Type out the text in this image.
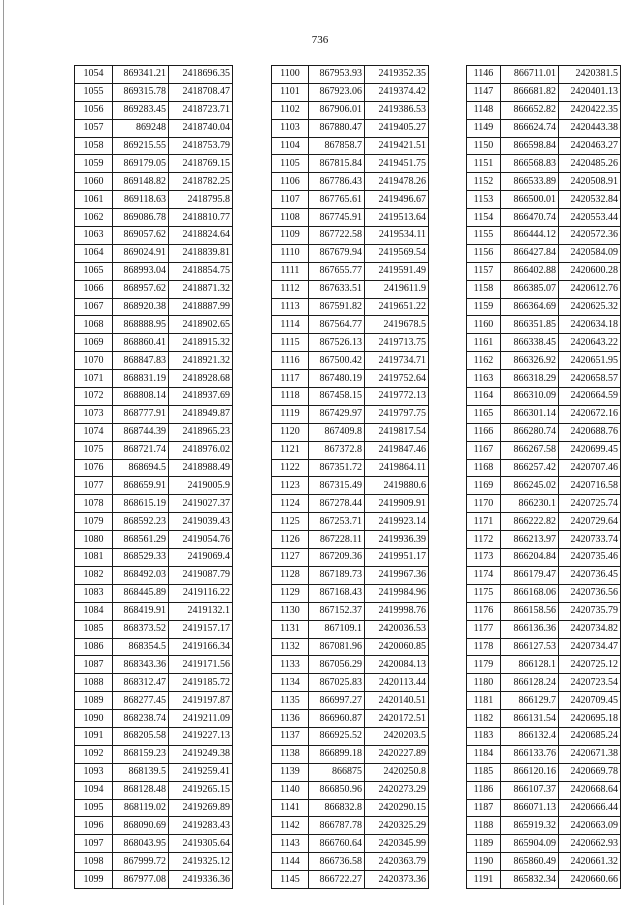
736
1054	869341.21	2418696.35
1055	869315.78	2418708.47
1056	869283.45	2418723.71
1057	869248	2418740.04
1058	869215.55	2418753.79
1059	869179.05	2418769.15
1060	869148.82	2418782.25
1061	869118.63	2418795.8
1062	869086.78	2418810.77
1063	869057.62	2418824.64
1064	869024.91	2418839.81
1065	868993.04	2418854.75
1066	868957.62	2418871.32
1067	868920.38	2418887.99
1068	868888.95	2418902.65
1069	868860.41	2418915.32
1070	868847.83	2418921.32
1071	868831.19	2418928.68
1072	868808.14	2418937.69
1073	868777.91	2418949.87
1074	868744.39	2418965.23
1075	868721.74	2418976.02
1076	868694.5	2418988.49
1077	868659.91	2419005.9
1078	868615.19	2419027.37
1079	868592.23	2419039.43
1080	868561.29	2419054.76
1081	868529.33	2419069.4
1082	868492.03	2419087.79
1083	868445.89	2419116.22
1084	868419.91	2419132.1
1085	868373.52	2419157.17
1086	868354.5	2419166.34
1087	868343.36	2419171.56
1088	868312.47	2419185.72
1089	868277.45	2419197.87
1090	868238.74	2419211.09
1091	868205.58	2419227.13
1092	868159.23	2419249.38
1093	868139.5	2419259.41
1094	868128.48	2419265.15
1095	868119.02	2419269.89
1096	868090.69	2419283.43
1097	868043.95	2419305.64
1098	867999.72	2419325.12
1099	867977.08	2419336.36
1100	867953.93	2419352.35
1101	867923.06	2419374.42
1102	867906.01	2419386.53
1103	867880.47	2419405.27
1104	867858.7	2419421.51
1105	867815.84	2419451.75
1106	867786.43	2419478.26
1107	867765.61	2419496.67
1108	867745.91	2419513.64
1109	867722.58	2419534.11
1110	867679.94	2419569.54
1111	867655.77	2419591.49
1112	867633.51	2419611.9
1113	867591.82	2419651.22
1114	867564.77	2419678.5
1115	867526.13	2419713.75
1116	867500.42	2419734.71
1117	867480.19	2419752.64
1118	867458.15	2419772.13
1119	867429.97	2419797.75
1120	867409.8	2419817.54
1121	867372.8	2419847.46
1122	867351.72	2419864.11
1123	867315.49	2419880.6
1124	867278.44	2419909.91
1125	867253.71	2419923.14
1126	867228.11	2419936.39
1127	867209.36	2419951.17
1128	867189.73	2419967.36
1129	867168.43	2419984.96
1130	867152.37	2419998.76
1131	867109.1	2420036.53
1132	867081.96	2420060.85
1133	867056.29	2420084.13
1134	867025.83	2420113.44
1135	866997.27	2420140.51
1136	866960.87	2420172.51
1137	866925.52	2420203.5
1138	866899.18	2420227.89
1139	866875	2420250.8
1140	866850.96	2420273.29
1141	866832.8	2420290.15
1142	866787.78	2420325.29
1143	866760.64	2420345.99
1144	866736.58	2420363.79
1145	866722.27	2420373.36
1146	866711.01	2420381.5
1147	866681.82	2420401.13
1148	866652.82	2420422.35
1149	866624.74	2420443.38
1150	866598.84	2420463.27
1151	866568.83	2420485.26
1152	866533.89	2420508.91
1153	866500.01	2420532.84
1154	866470.74	2420553.44
1155	866444.12	2420572.36
1156	866427.84	2420584.09
1157	866402.88	2420600.28
1158	866385.07	2420612.76
1159	866364.69	2420625.32
1160	866351.85	2420634.18
1161	866338.45	2420643.22
1162	866326.92	2420651.95
1163	866318.29	2420658.57
1164	866310.09	2420664.59
1165	866301.14	2420672.16
1166	866280.74	2420688.76
1167	866267.58	2420699.45
1168	866257.42	2420707.46
1169	866245.02	2420716.58
1170	866230.1	2420725.74
1171	866222.82	2420729.64
1172	866213.97	2420733.74
1173	866204.84	2420735.46
1174	866179.47	2420736.45
1175	866168.06	2420736.56
1176	866158.56	2420735.79
1177	866136.36	2420734.82
1178	866127.53	2420734.47
1179	866128.1	2420725.12
1180	866128.24	2420723.54
1181	866129.7	2420709.45
1182	866131.54	2420695.18
1183	866132.4	2420685.24
1184	866133.76	2420671.38
1185	866120.16	2420669.78
1186	866107.37	2420668.64
1187	866071.13	2420666.44
1188	865919.32	2420663.09
1189	865904.09	2420662.93
1190	865860.49	2420661.32
1191	865832.34	2420660.66
